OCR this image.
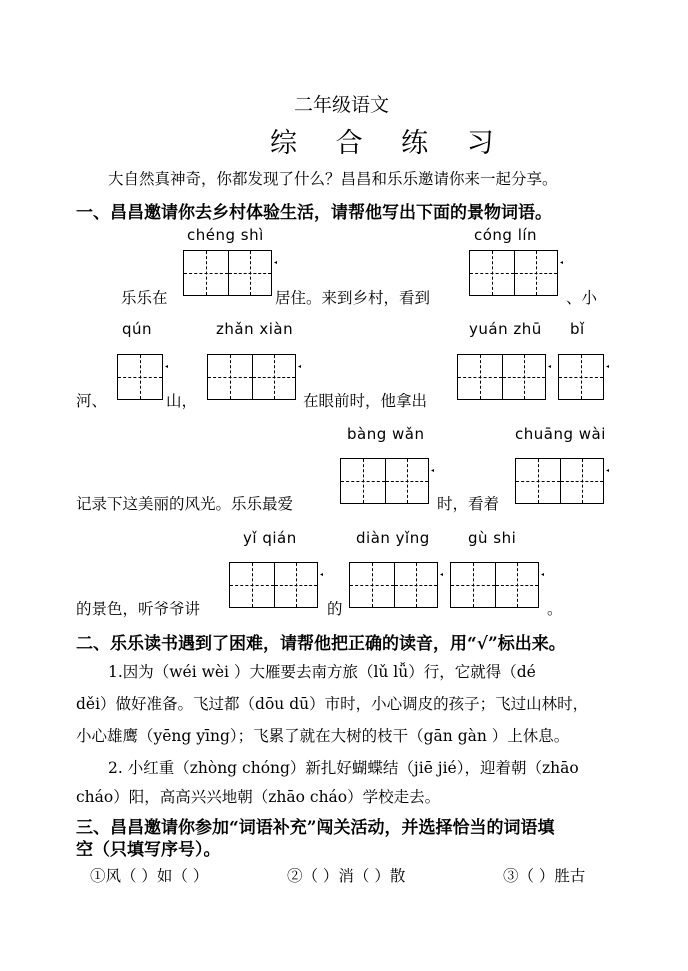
二年级语文
综 合 练 习
大自然真神奇，你都发现了什么？昌昌和乐乐邀请你来一起分享。
一、昌昌邀请你去乡村体验生活，请帮他写出下面的景物词语。
chéng shì	cóng lín
乐乐在
◂
居住。来到乡村，看到
◂
、小
qún	zhǎn xiàn	yuán zhū bǐ
河、
◂
山，
◂
在眼前时，他拿出
◂	◂
bàng wǎn	chuāng wài
记录下这美丽的风光。乐乐最爱
◂
时，看着
◂
yǐ qián	diàn yǐng	gù shi
的景色，听爷爷讲
◂
的
◂	◂
。
二、乐乐读书遇到了困难，请帮他把正确的读音，用“√”标出来。
1.因为（wéi wèi ）大雁要去南方旅（lǔ lǚ）行，它就得（dé
děi）做好准备。飞过都（dōu dū）市时，小心调皮的孩子；飞过山林时，
小心雄鹰（yēng yīng）；飞累了就在大树的枝干（gān gàn ）上休息。
2. 小红重（zhòng chóng）新扎好蝴蝶结（jiē jié），迎着朝（zhāo
cháo）阳，高高兴兴地朝（zhāo cháo）学校走去。
三、昌昌邀请你参加“词语补充”闯关活动，并选择恰当的词语填
空（只填写序号）。
①风（ ）如（ ）	②（ ）消（ ）散	③（ ）胜古
